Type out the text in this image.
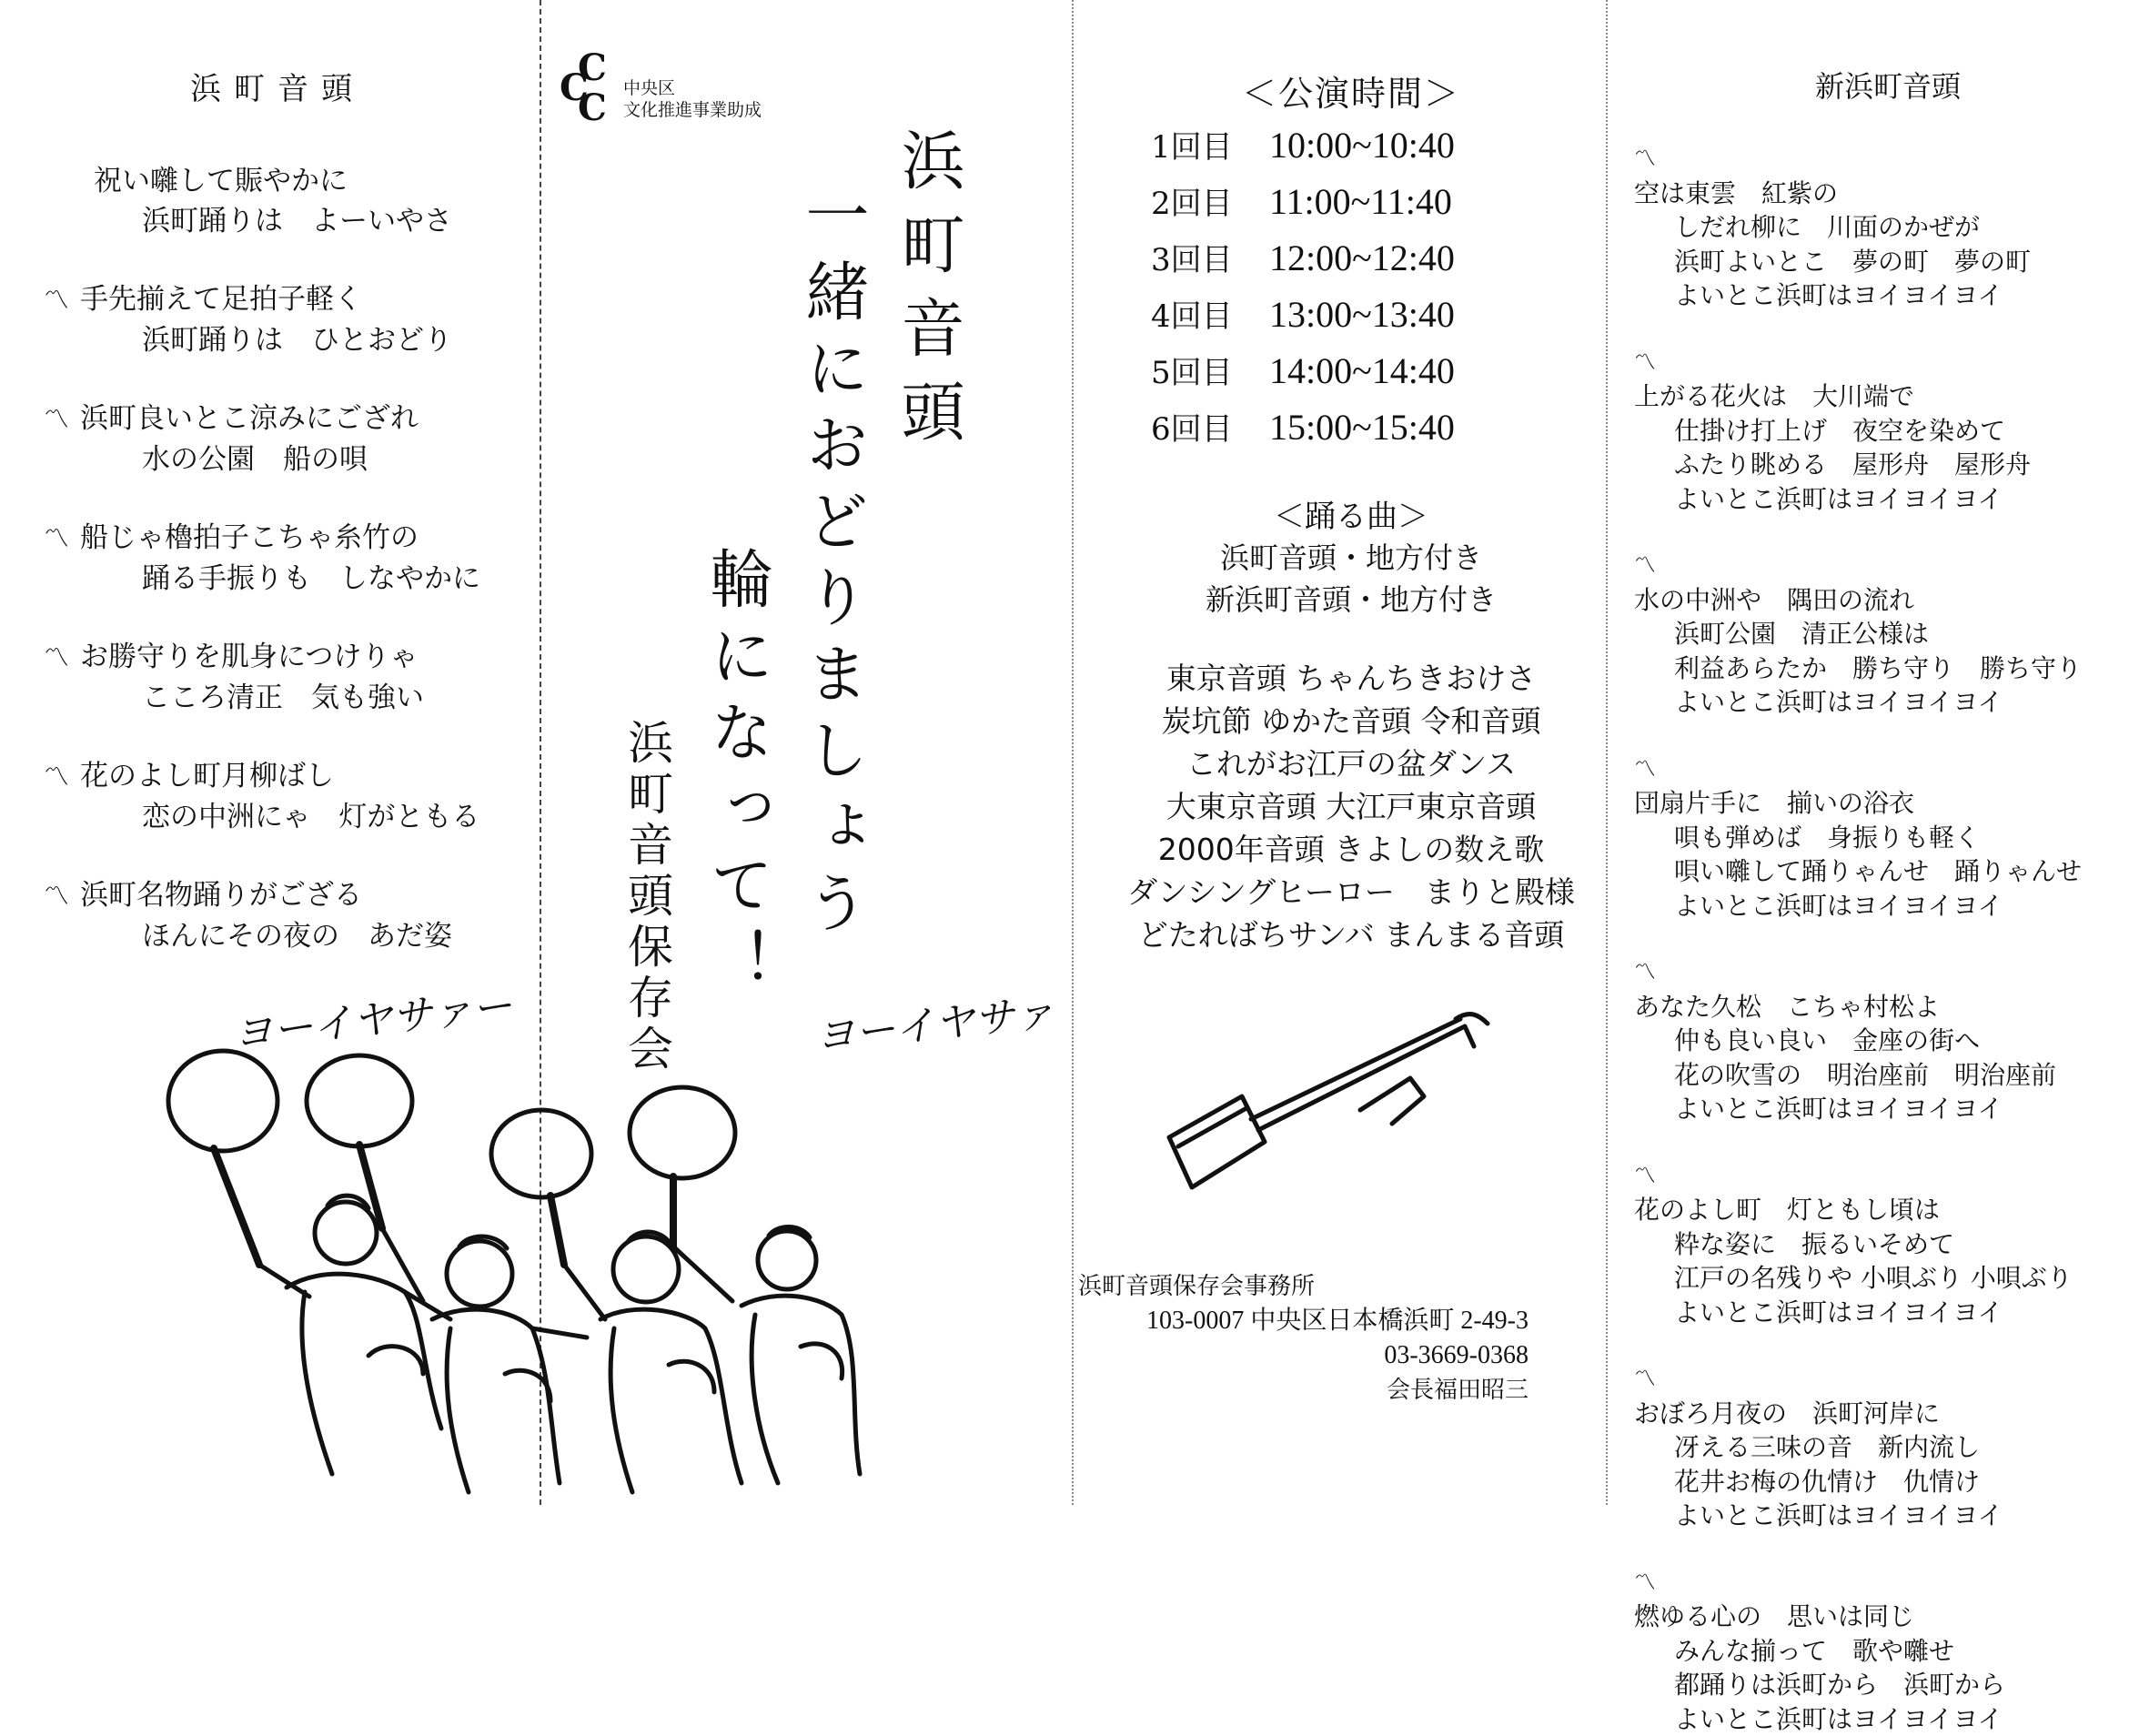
浜町音頭
祝い囃して賑やかに
浜町踊りは　よーいやさ
〽 手先揃えて足拍子軽く
浜町踊りは　ひとおどり
〽 浜町良いとこ涼みにござれ
水の公園　船の唄
〽 船じゃ櫓拍子こちゃ糸竹の
踊る手振りも　しなやかに
〽 お勝守りを肌身につけりゃ
こころ清正　気も強い
〽 花のよし町月柳ばし
恋の中洲にゃ　灯がともる
〽 浜町名物踊りがござる
ほんにその夜の　あだ姿
C
C
C 中央区
文化推進事業助成
浜町音頭
一緒におどりましょう
輪になって！
浜町音頭保存会
ヨーイヤサァー	ヨーイヤサァ
＜公演時間＞
1回目 10:00~10:40
2回目 11:00~11:40
3回目 12:00~12:40
4回目 13:00~13:40
5回目 14:00~14:40
6回目 15:00~15:40
＜踊る曲＞
浜町音頭・地方付き
新浜町音頭・地方付き
東京音頭 ちゃんちきおけさ
炭坑節 ゆかた音頭 令和音頭
これがお江戸の盆ダンス
大東京音頭 大江戸東京音頭
2000年音頭 きよしの数え歌
ダンシングヒーロー　まりと殿様
どたればちサンバ まんまる音頭
浜町音頭保存会事務所
103-0007 中央区日本橋浜町 2-49-3
03-3669-0368
会長福田昭三
新浜町音頭
〽
空は東雲　紅紫の
しだれ柳に　川面のかぜが
浜町よいとこ　夢の町　夢の町
よいとこ浜町はヨイヨイヨイ
〽
上がる花火は　大川端で
仕掛け打上げ　夜空を染めて
ふたり眺める　屋形舟　屋形舟
よいとこ浜町はヨイヨイヨイ
〽
水の中洲や　隅田の流れ
浜町公園　清正公様は
利益あらたか　勝ち守り　勝ち守り
よいとこ浜町はヨイヨイヨイ
〽
団扇片手に　揃いの浴衣
唄も弾めば　身振りも軽く
唄い囃して踊りゃんせ　踊りゃんせ
よいとこ浜町はヨイヨイヨイ
〽
あなた久松　こちゃ村松よ
仲も良い良い　金座の街へ
花の吹雪の　明治座前　明治座前
よいとこ浜町はヨイヨイヨイ
〽
花のよし町　灯ともし頃は
粋な姿に　振るいそめて
江戸の名残りや 小唄ぶり 小唄ぶり
よいとこ浜町はヨイヨイヨイ
〽
おぼろ月夜の　浜町河岸に
冴える三味の音　新内流し
花井お梅の仇情け　仇情け
よいとこ浜町はヨイヨイヨイ
〽
燃ゆる心の　思いは同じ
みんな揃って　歌や囃せ
都踊りは浜町から　浜町から
よいとこ浜町はヨイヨイヨイ
